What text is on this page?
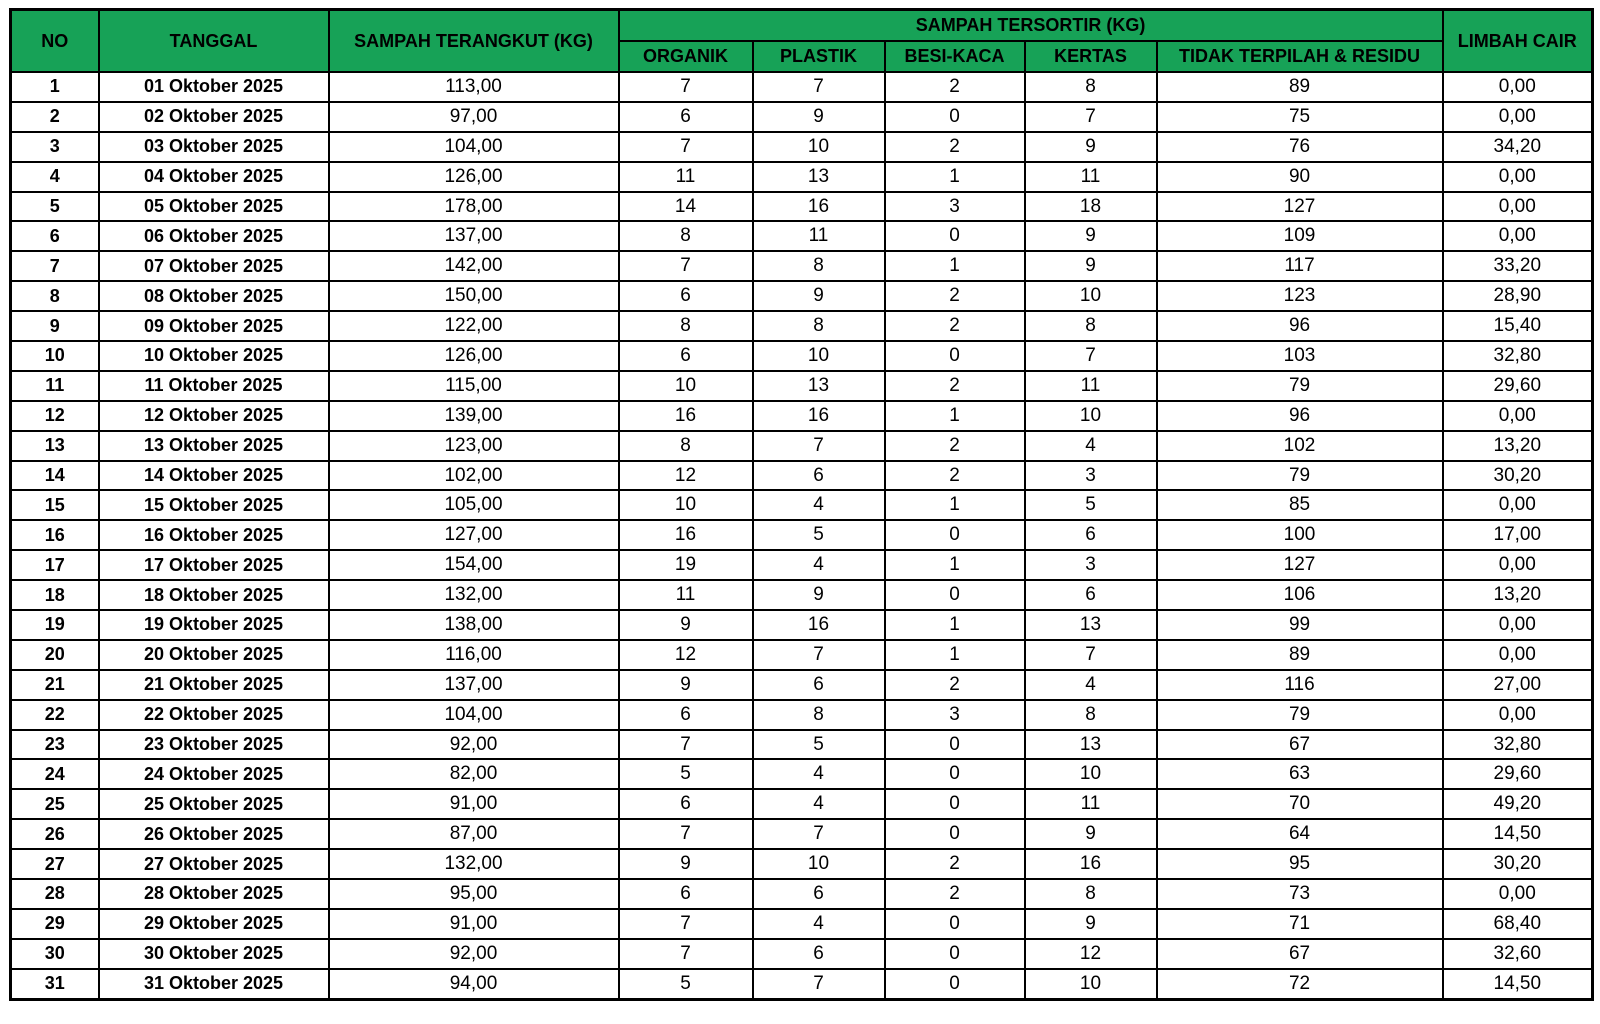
NO	TANGGAL	SAMPAH TERANGKUT (KG)	SAMPAH TERSORTIR (KG)					LIMBAH CAIR
			ORGANIK	PLASTIK	BESI-KACA	KERTAS	TIDAK TERPILAH & RESIDU	
1	01 Oktober 2025	113,00	7	7	2	8	89	0,00
2	02 Oktober 2025	97,00	6	9	0	7	75	0,00
3	03 Oktober 2025	104,00	7	10	2	9	76	34,20
4	04 Oktober 2025	126,00	11	13	1	11	90	0,00
5	05 Oktober 2025	178,00	14	16	3	18	127	0,00
6	06 Oktober 2025	137,00	8	11	0	9	109	0,00
7	07 Oktober 2025	142,00	7	8	1	9	117	33,20
8	08 Oktober 2025	150,00	6	9	2	10	123	28,90
9	09 Oktober 2025	122,00	8	8	2	8	96	15,40
10	10 Oktober 2025	126,00	6	10	0	7	103	32,80
11	11 Oktober 2025	115,00	10	13	2	11	79	29,60
12	12 Oktober 2025	139,00	16	16	1	10	96	0,00
13	13 Oktober 2025	123,00	8	7	2	4	102	13,20
14	14 Oktober 2025	102,00	12	6	2	3	79	30,20
15	15 Oktober 2025	105,00	10	4	1	5	85	0,00
16	16 Oktober 2025	127,00	16	5	0	6	100	17,00
17	17 Oktober 2025	154,00	19	4	1	3	127	0,00
18	18 Oktober 2025	132,00	11	9	0	6	106	13,20
19	19 Oktober 2025	138,00	9	16	1	13	99	0,00
20	20 Oktober 2025	116,00	12	7	1	7	89	0,00
21	21 Oktober 2025	137,00	9	6	2	4	116	27,00
22	22 Oktober 2025	104,00	6	8	3	8	79	0,00
23	23 Oktober 2025	92,00	7	5	0	13	67	32,80
24	24 Oktober 2025	82,00	5	4	0	10	63	29,60
25	25 Oktober 2025	91,00	6	4	0	11	70	49,20
26	26 Oktober 2025	87,00	7	7	0	9	64	14,50
27	27 Oktober 2025	132,00	9	10	2	16	95	30,20
28	28 Oktober 2025	95,00	6	6	2	8	73	0,00
29	29 Oktober 2025	91,00	7	4	0	9	71	68,40
30	30 Oktober 2025	92,00	7	6	0	12	67	32,60
31	31 Oktober 2025	94,00	5	7	0	10	72	14,50
